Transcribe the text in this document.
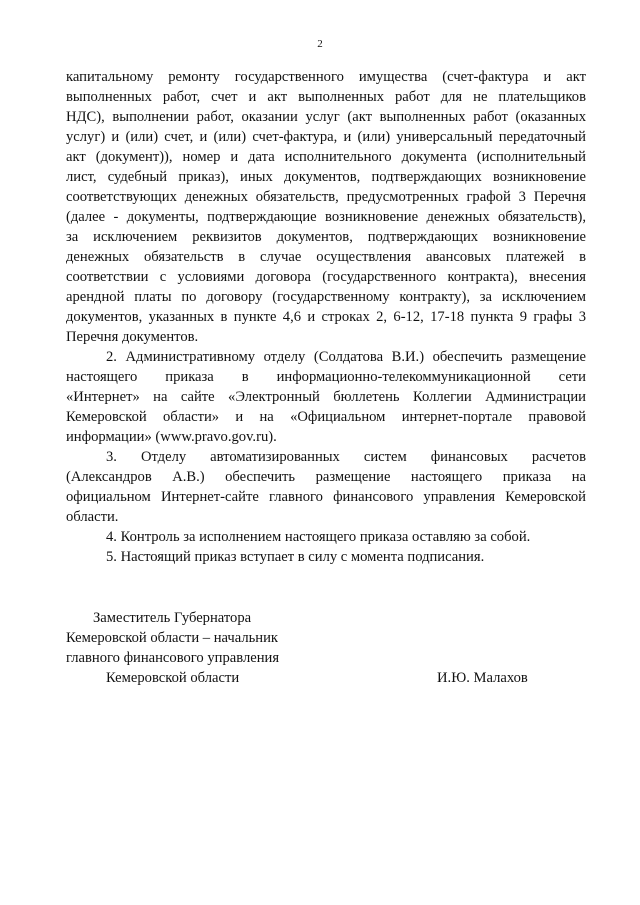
2
капитальному ремонту государственного имущества (счет-фактура и акт
выполненных работ, счет и акт выполненных работ для не плательщиков
НДС), выполнении работ, оказании услуг (акт выполненных работ (оказанных
услуг) и (или) счет, и (или) счет-фактура, и (или) универсальный передаточный
акт (документ)), номер и дата исполнительного документа (исполнительный
лист, судебный приказ), иных документов, подтверждающих возникновение
соответствующих денежных обязательств, предусмотренных графой 3 Перечня
(далее - документы, подтверждающие возникновение денежных обязательств),
за исключением реквизитов документов, подтверждающих возникновение
денежных обязательств в случае осуществления авансовых платежей в
соответствии с условиями договора (государственного контракта), внесения
арендной платы по договору (государственному контракту), за исключением
документов, указанных в пункте 4,6 и строках 2, 6-12, 17-18 пункта 9 графы 3
Перечня документов.
2. Административному отделу (Солдатова В.И.) обеспечить размещение
настоящего приказа в информационно-телекоммуникационной сети
«Интернет» на сайте «Электронный бюллетень Коллегии Администрации
Кемеровской области» и на «Официальном интернет-портале правовой
информации» (www.pravo.gov.ru).
3. Отделу автоматизированных систем финансовых расчетов
(Александров А.В.) обеспечить размещение настоящего приказа на
официальном Интернет-сайте главного финансового управления Кемеровской
области.
4. Контроль за исполнением настоящего приказа оставляю за собой.
5. Настоящий приказ вступает в силу с момента подписания.
Заместитель Губернатора
Кемеровской области – начальник
главного финансового управления
Кемеровской области	И.Ю. Малахов
